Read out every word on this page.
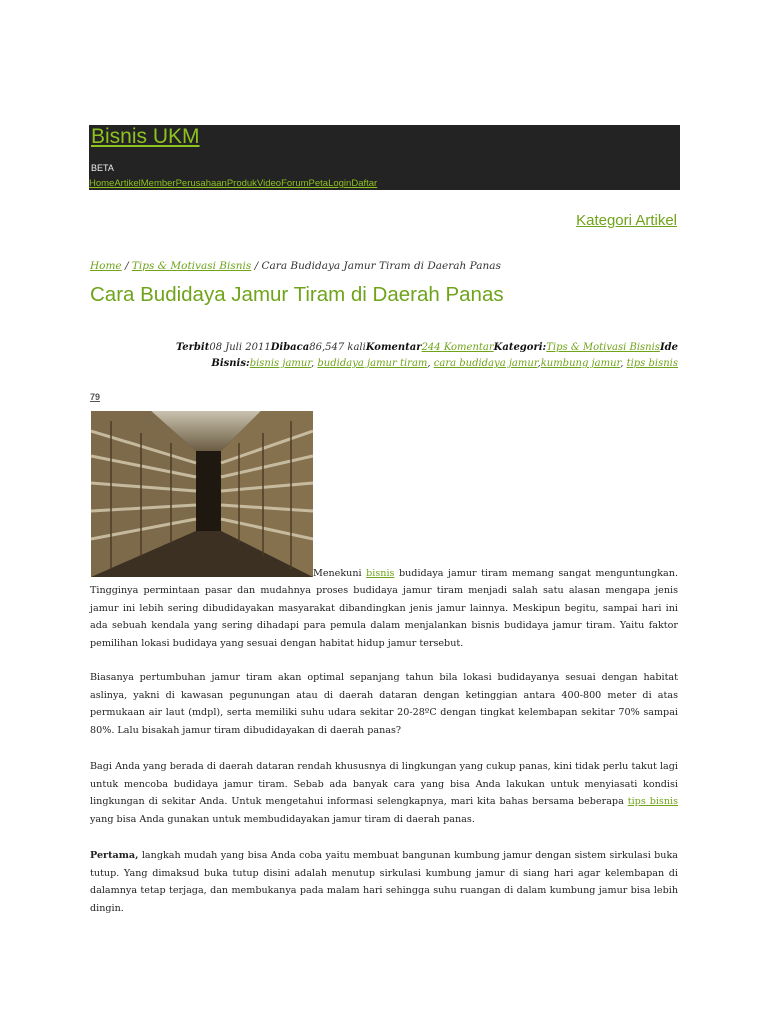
Bisnis UKM
BETA
Home Artikel Member Perusahaan Produk Video Forum Peta Login Daftar
Kategori Artikel
Home / Tips & Motivasi Bisnis / Cara Budidaya Jamur Tiram di Daerah Panas
Cara Budidaya Jamur Tiram di Daerah Panas
Terbit08 Juli 2011Dibaca86,547 kaliKomentar244 KomentarKategori:Tips & Motivasi BisnisIde Bisnis:bisnis jamur, budidaya jamur tiram, cara budidaya jamur,kumbung jamur, tips bisnis
79
Menekuni bisnis budidaya jamur tiram memang sangat menguntungkan.

Tingginya permintaan pasar dan mudahnya proses budidaya jamur tiram menjadi salah satu alasan mengapa jenis jamur ini lebih sering dibudidayakan masyarakat dibandingkan jenis jamur lainnya. Meskipun begitu, sampai hari ini ada sebuah kendala yang sering dihadapi para pemula dalam menjalankan bisnis budidaya jamur tiram. Yaitu faktor pemilihan lokasi budidaya yang sesuai dengan habitat hidup jamur tersebut.

Biasanya pertumbuhan jamur tiram akan optimal sepanjang tahun bila lokasi budidayanya sesuai dengan habitat aslinya, yakni di kawasan pegunungan atau di daerah dataran dengan ketinggian antara 400-800 meter di atas permukaan air laut (mdpl), serta memiliki suhu udara sekitar 20-28ºC dengan tingkat kelembapan sekitar 70% sampai 80%. Lalu bisakah jamur tiram dibudidayakan di daerah panas?

Bagi Anda yang berada di daerah dataran rendah khususnya di lingkungan yang cukup panas, kini tidak perlu takut lagi untuk mencoba budidaya jamur tiram. Sebab ada banyak cara yang bisa Anda lakukan untuk menyiasati kondisi lingkungan di sekitar Anda. Untuk mengetahui informasi selengkapnya, mari kita bahas bersama beberapa tips bisnis yang bisa Anda gunakan untuk membudidayakan jamur tiram di daerah panas.

Pertama, langkah mudah yang bisa Anda coba yaitu membuat bangunan kumbung jamur dengan sistem sirkulasi buka tutup. Yang dimaksud buka tutup disini adalah menutup sirkulasi kumbung jamur di siang hari agar kelembapan di dalamnya tetap terjaga, dan membukanya pada malam hari sehingga suhu ruangan di dalam kumbung jamur bisa lebih dingin.
